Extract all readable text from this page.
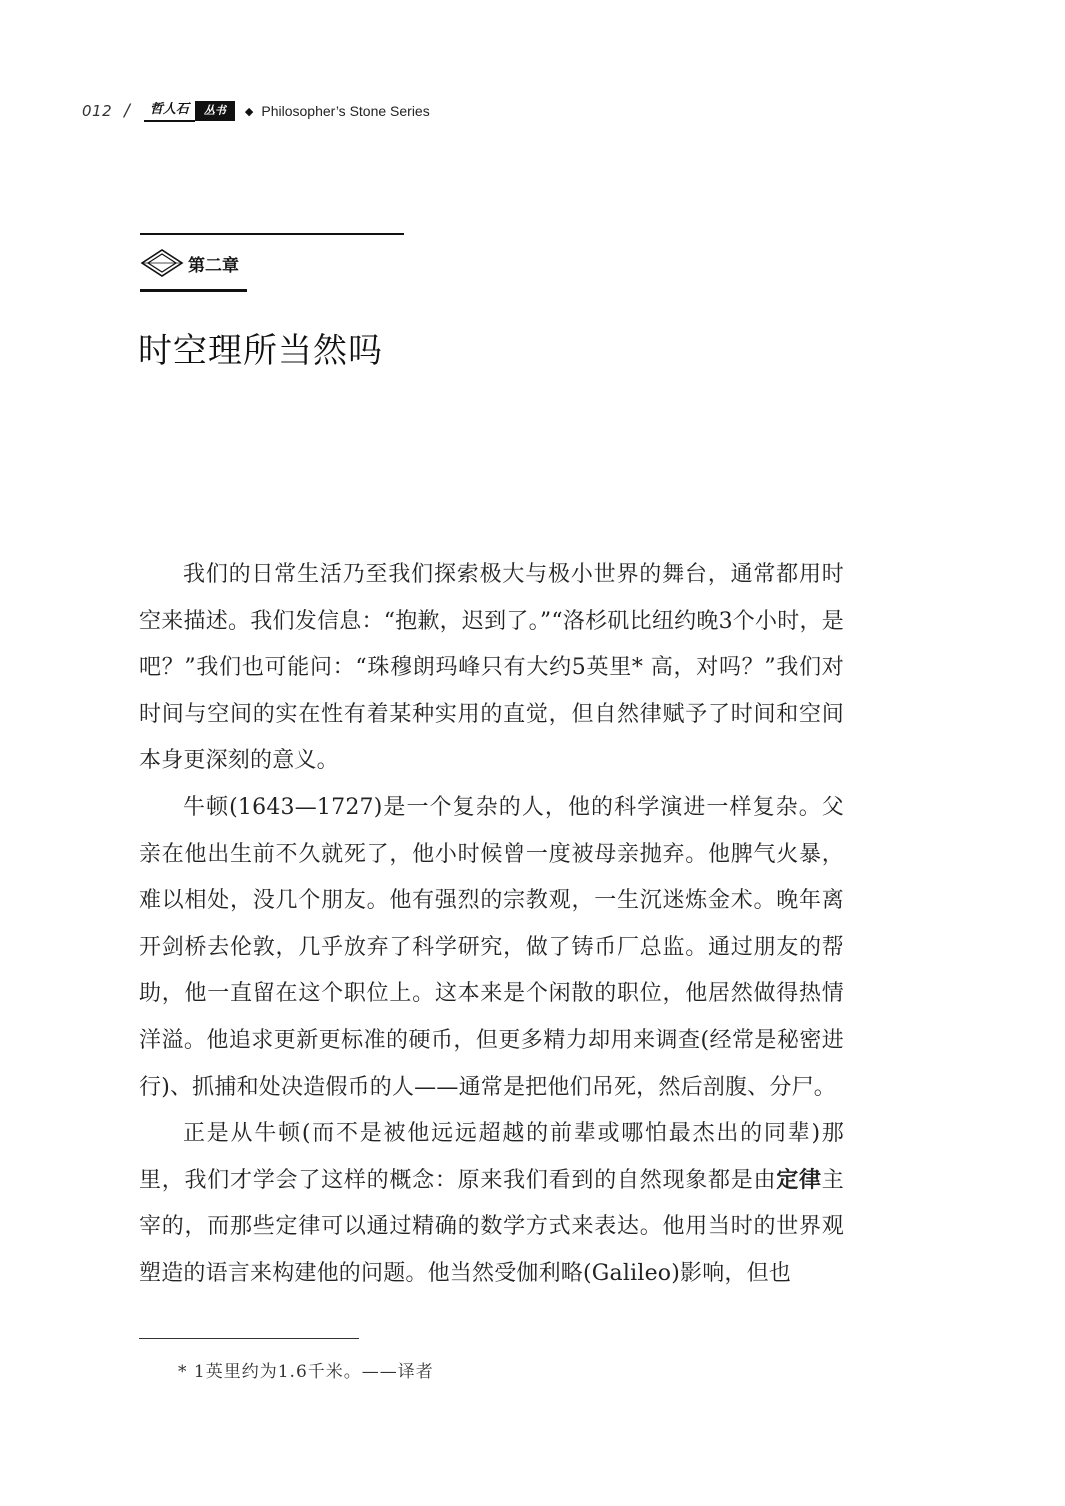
012 /	哲人石	丛书	◆ Philosopher’s Stone Series
第二章
时空理所当然吗

我们的日常生活乃至我们探索极大与极小世界的舞台，通常都用时空来描述。我们发信息：“抱歉，迟到了。”“洛杉矶比纽约晚3个小时，是吧？”我们也可能问：“珠穆朗玛峰只有大约5英里* 高，对吗？”我们对时间与空间的实在性有着某种实用的直觉，但自然律赋予了时间和空间本身更深刻的意义。

牛顿(1643—1727)是一个复杂的人，他的科学演进一样复杂。父亲在他出生前不久就死了，他小时候曾一度被母亲抛弃。他脾气火暴，难以相处，没几个朋友。他有强烈的宗教观，一生沉迷炼金术。晚年离开剑桥去伦敦，几乎放弃了科学研究，做了铸币厂总监。通过朋友的帮助，他一直留在这个职位上。这本来是个闲散的职位，他居然做得热情洋溢。他追求更新更标准的硬币，但更多精力却用来调查(经常是秘密进行)、抓捕和处决造假币的人——通常是把他们吊死，然后剖腹、分尸。

正是从牛顿(而不是被他远远超越的前辈或哪怕最杰出的同辈)那里，我们才学会了这样的概念：原来我们看到的自然现象都是由定律主宰的，而那些定律可以通过精确的数学方式来表达。他用当时的世界观塑造的语言来构建他的问题。他当然受伽利略(Galileo)影响，但也

* 1英里约为1.6千米。——译者
